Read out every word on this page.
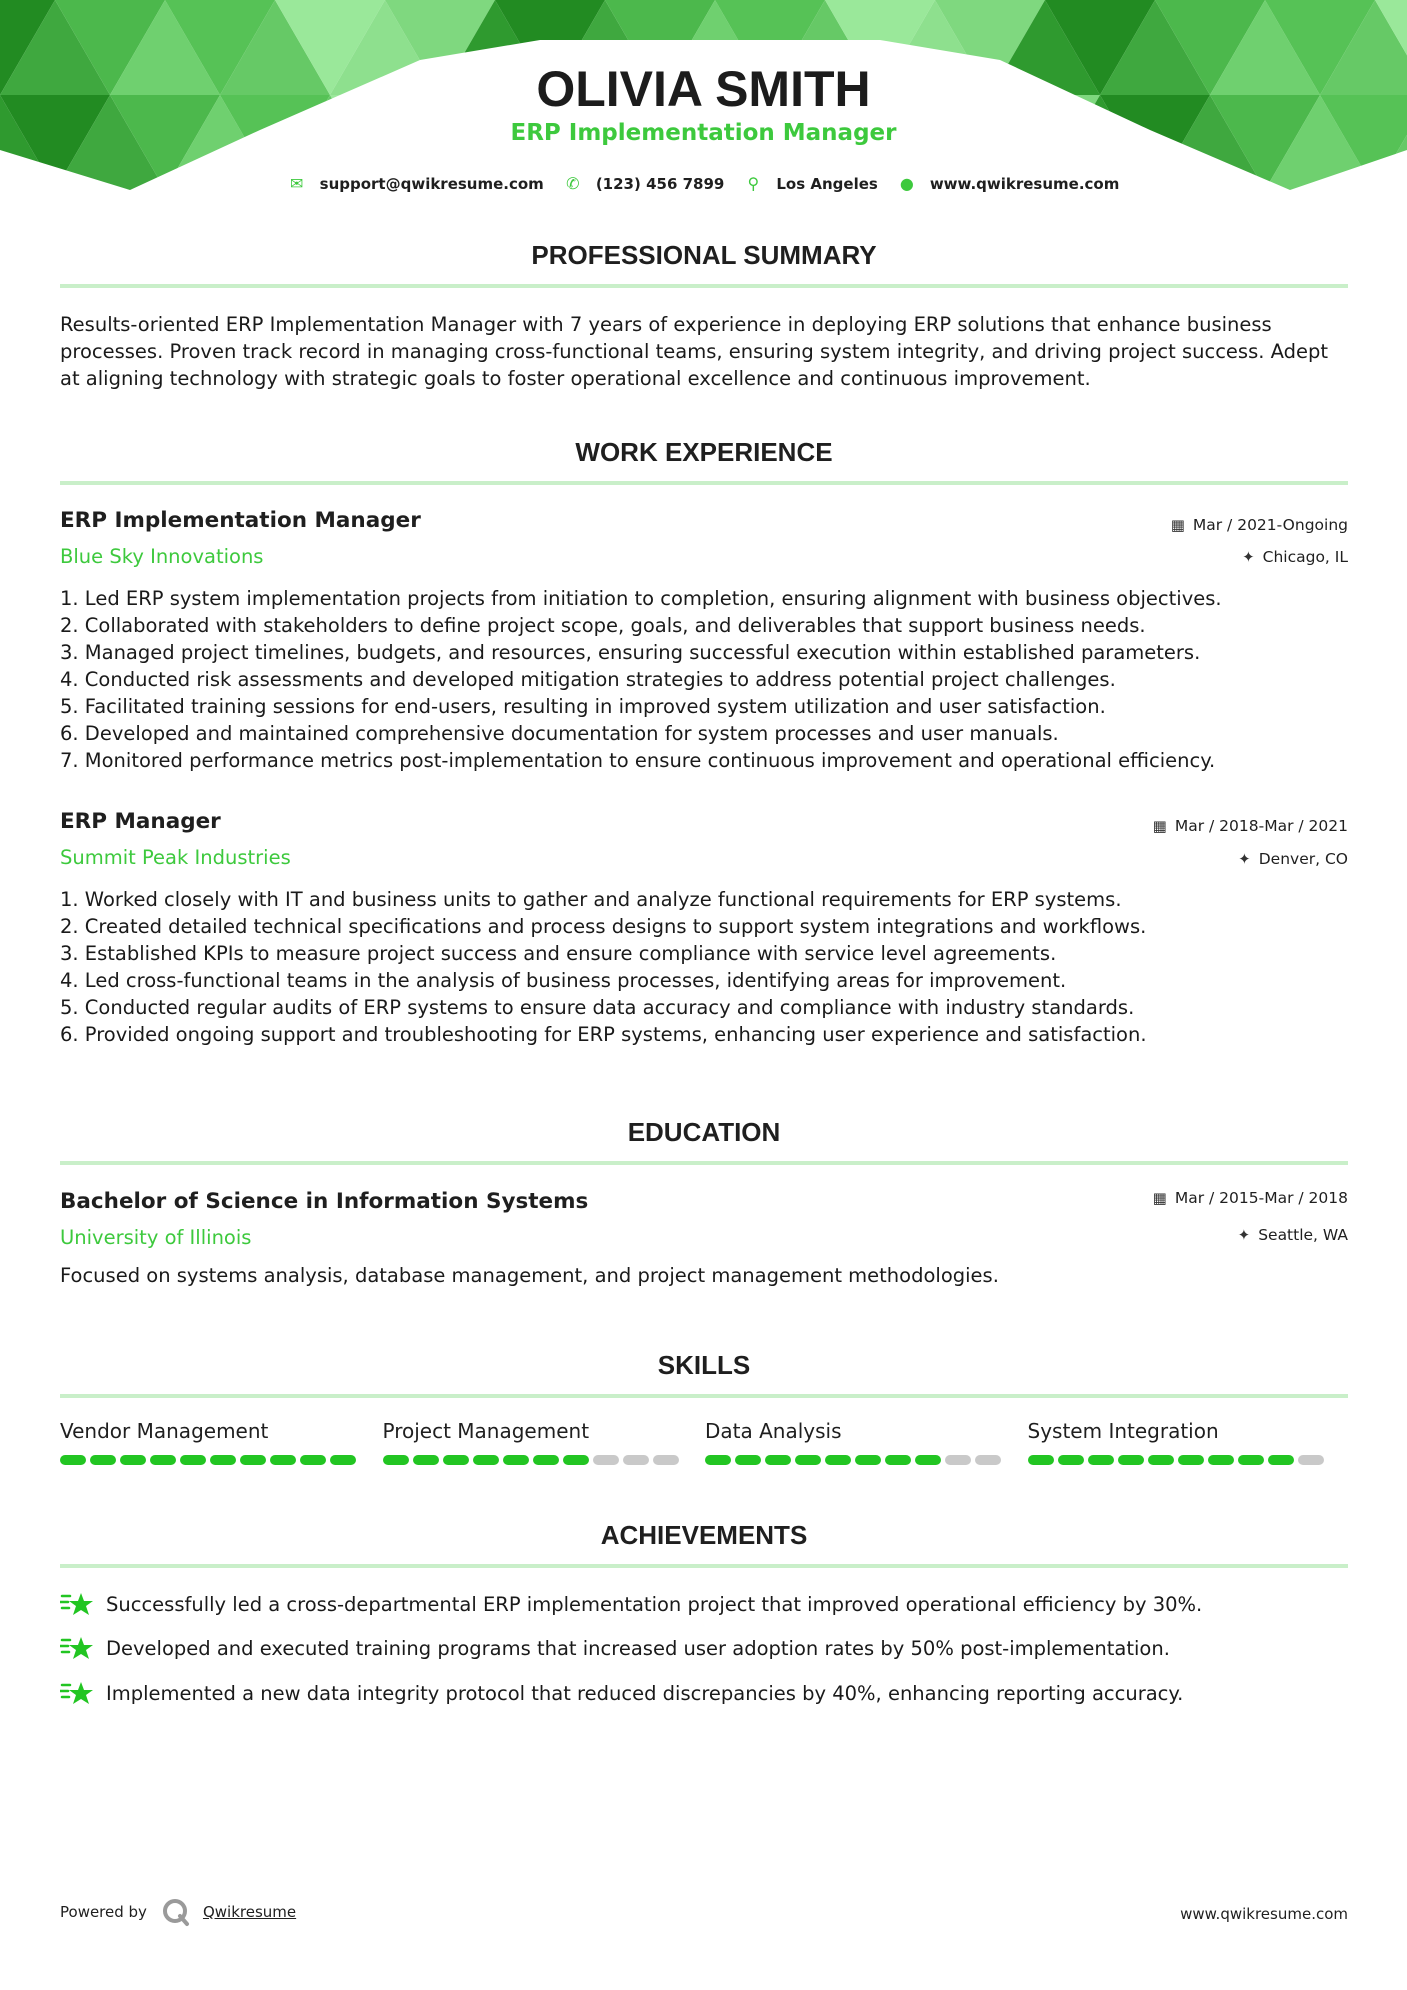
OLIVIA SMITH
ERP Implementation Manager
✉ support@qwikresume.com ✆ (123) 456 7899 ⚲ Los Angeles ● www.qwikresume.com
PROFESSIONAL SUMMARY

Results-oriented ERP Implementation Manager with 7 years of experience in deploying ERP solutions that enhance business processes. Proven track record in managing cross-functional teams, ensuring system integrity, and driving project success. Adept at aligning technology with strategic goals to foster operational excellence and continuous improvement.

WORK EXPERIENCE
ERP Implementation Manager
Blue Sky Innovations
▦ Mar / 2021-Ongoing
✦ Chicago, IL
1. Led ERP system implementation projects from initiation to completion, ensuring alignment with business objectives.
2. Collaborated with stakeholders to define project scope, goals, and deliverables that support business needs.
3. Managed project timelines, budgets, and resources, ensuring successful execution within established parameters.
4. Conducted risk assessments and developed mitigation strategies to address potential project challenges.
5. Facilitated training sessions for end-users, resulting in improved system utilization and user satisfaction.
6. Developed and maintained comprehensive documentation for system processes and user manuals.
7. Monitored performance metrics post-implementation to ensure continuous improvement and operational efficiency.
ERP Manager
Summit Peak Industries
▦ Mar / 2018-Mar / 2021
✦ Denver, CO
1. Worked closely with IT and business units to gather and analyze functional requirements for ERP systems.
2. Created detailed technical specifications and process designs to support system integrations and workflows.
3. Established KPIs to measure project success and ensure compliance with service level agreements.
4. Led cross-functional teams in the analysis of business processes, identifying areas for improvement.
5. Conducted regular audits of ERP systems to ensure data accuracy and compliance with industry standards.
6. Provided ongoing support and troubleshooting for ERP systems, enhancing user experience and satisfaction.
EDUCATION
Bachelor of Science in Information Systems
University of Illinois
▦ Mar / 2015-Mar / 2018
✦ Seattle, WA

Focused on systems analysis, database management, and project management methodologies.

SKILLS
Vendor Management	Project Management	Data Analysis	System Integration
ACHIEVEMENTS
Successfully led a cross-departmental ERP implementation project that improved operational efficiency by 30%.
Developed and executed training programs that increased user adoption rates by 50% post-implementation.
Implemented a new data integrity protocol that reduced discrepancies by 40%, enhancing reporting accuracy.
Powered by	Qwikresume	www.qwikresume.com
